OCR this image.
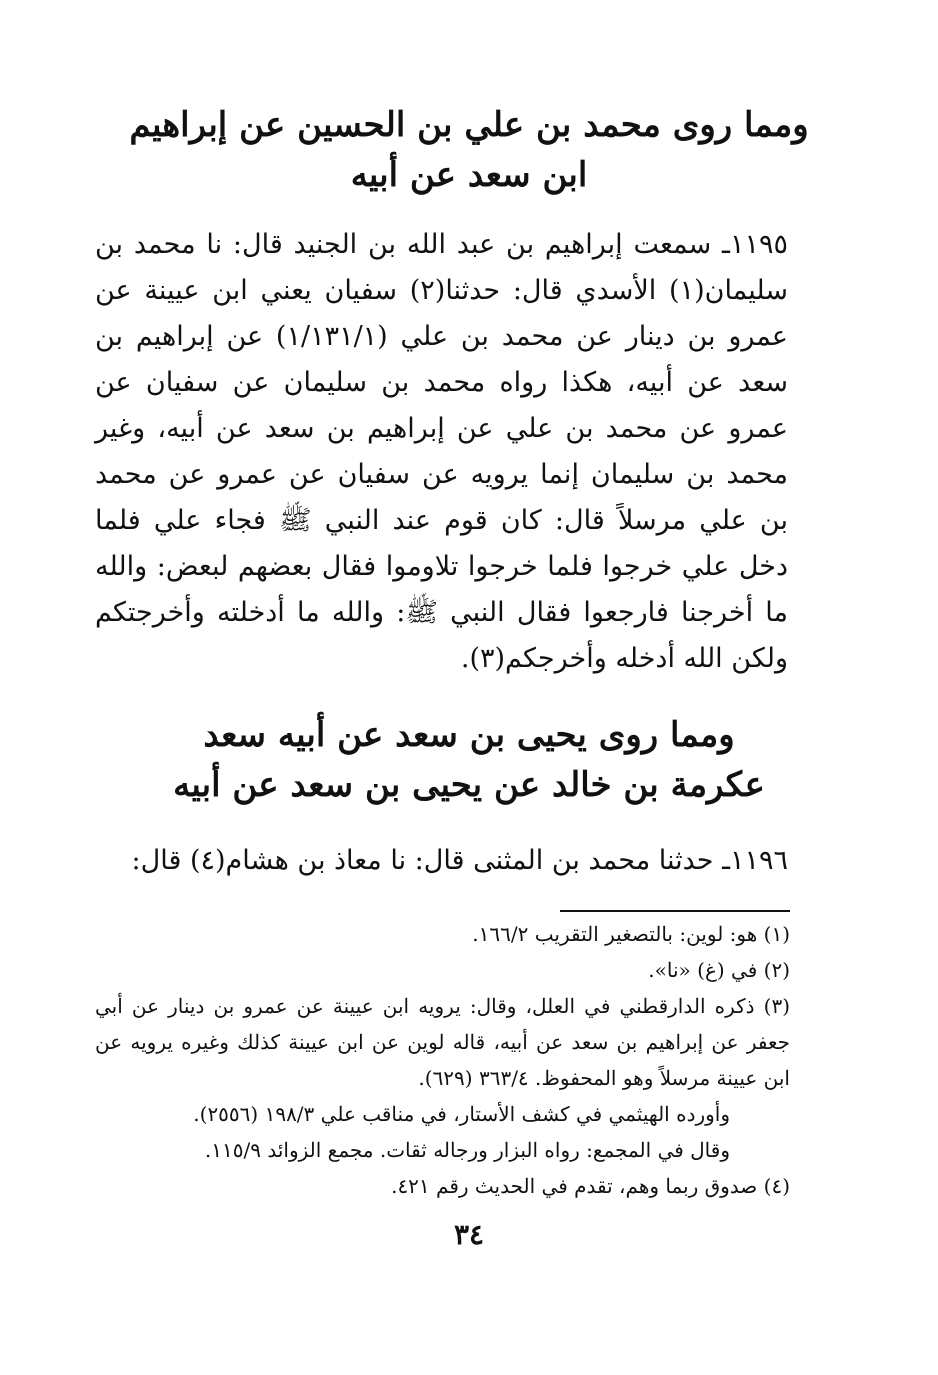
ومما روى محمد بن علي بن الحسين عن إبراهيم
ابن سعد عن أبيه

١١٩٥ـ سمعت إبراهيم بن عبد الله بن الجنيد قال: نا محمد بن سليمان(١) الأسدي قال: حدثنا(٢) سفيان يعني ابن عيينة عن عمرو بن دينار عن محمد بن علي (١/١٣١/١) عن إبراهيم بن سعد عن أبيه، هكذا رواه محمد بن سليمان عن سفيان عن عمرو عن محمد بن علي عن إبراهيم بن سعد عن أبيه، وغير محمد بن سليمان إنما يرويه عن سفيان عن عمرو عن محمد بن علي مرسلاً قال: كان قوم عند النبي ﷺ فجاء علي فلما دخل علي خرجوا فلما خرجوا تلاوموا فقال بعضهم لبعض: والله ما أخرجنا فارجعوا فقال النبي ﷺ: والله ما أدخلته وأخرجتكم ولكن الله أدخله وأخرجكم(٣).

ومما روى يحيى بن سعد عن أبيه سعد
عكرمة بن خالد عن يحيى بن سعد عن أبيه

١١٩٦ـ حدثنا محمد بن المثنى قال: نا معاذ بن هشام(٤) قال:

(١) هو: لوين: بالتصغير التقريب ١٦٦/٢.
(٢) في (غ) «نا».
(٣) ذكره الدارقطني في العلل، وقال: يرويه ابن عيينة عن عمرو بن دينار عن أبي جعفر عن إبراهيم بن سعد عن أبيه، قاله لوين عن ابن عيينة كذلك وغيره يرويه عن ابن عيينة مرسلاً وهو المحفوظ. ٣٦٣/٤ (٦٢٩).
وأورده الهيثمي في كشف الأستار، في مناقب علي ١٩٨/٣ (٢٥٥٦).
وقال في المجمع: رواه البزار ورجاله ثقات. مجمع الزوائد ١١٥/٩.
(٤) صدوق ربما وهم، تقدم في الحديث رقم ٤٢١.
٣٤
